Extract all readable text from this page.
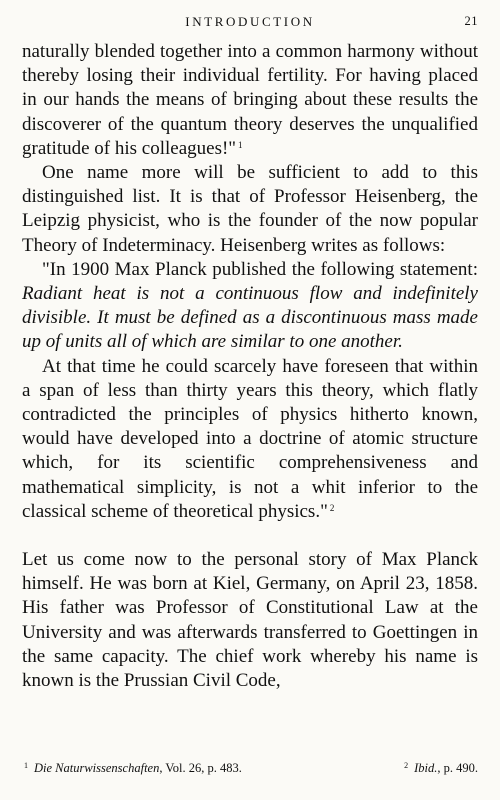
INTRODUCTION	21

naturally blended together into a common harmony without thereby losing their individual fertility. For having placed in our hands the means of bringing about these results the discoverer of the quantum theory deserves the unqualified gratitude of his colleagues!" $^1$

One name more will be sufficient to add to this distinguished list. It is that of Professor Heisenberg, the Leipzig physicist, who is the founder of the now popular Theory of Indeterminacy. Heisenberg writes as follows:

"In 1900 Max Planck published the following statement: Radiant heat is not a continuous flow and indefinitely divisible. It must be defined as a discontinuous mass made up of units all of which are similar to one another.

At that time he could scarcely have foreseen that within a span of less than thirty years this theory, which flatly contradicted the principles of physics hitherto known, would have developed into a doctrine of atomic structure which, for its scientific comprehensiveness and mathematical simplicity, is not a whit inferior to the classical scheme of theoretical physics." $^2$

Let us come now to the personal story of Max Planck himself. He was born at Kiel, Germany, on April 23, 1858. His father was Professor of Constitutional Law at the University and was afterwards transferred to Goettingen in the same capacity. The chief work whereby his name is known is the Prussian Civil Code,

$^1$ Die Naturwissenschaften, Vol. 26, p. 483.	$^2$ Ibid., p. 490.
